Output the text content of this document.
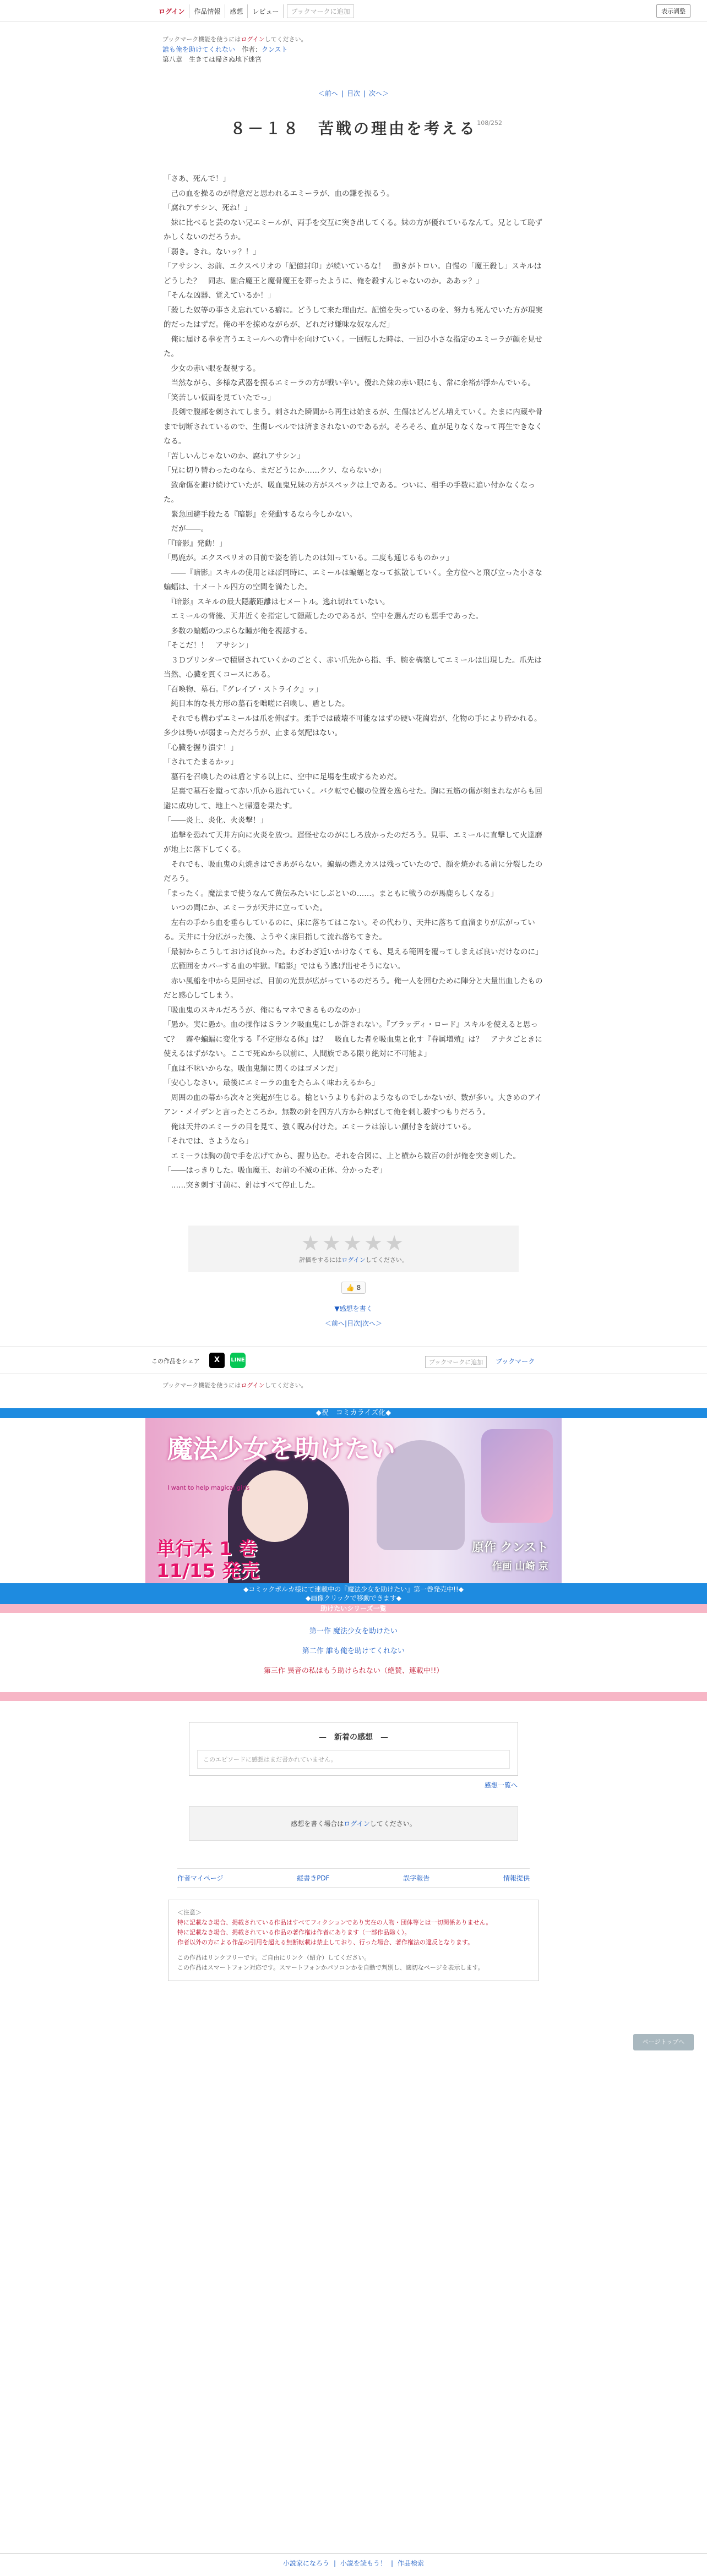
ログイン	作品情報	感想	レビュー	ブックマークに追加	表示調整
ブックマーク機能を使うにはログインしてください。
誰も俺を助けてくれない　 作者：クンスト
第八章　生きては帰さぬ地下迷宮
＜前へ | 目次 | 次へ＞
108/252
８－１８　苦戦の理由を考える

「さあ、死んで！」

　己の血を操るのが得意だと思われるエミーラが、血の鎌を振るう。

「腐れアサシン、死ね！」

　妹に比べると芸のない兄エミールが、両手を交互に突き出してくる。妹の方が優れているなんて。兄として恥ずかしくないのだろうか。

「弱き。きれ。ないッ？！」

「アサシン、お前、エクスペリオの「記億封印」が続いているな！　動きがトロい。自慢の「魔王殺し」スキルはどうした？　同志、融合魔王と魔骨魔王を葬ったように、俺を殺すんじゃないのか。ああッ？」

「そんな凶器、覚えているか！」

「殺した奴等の事さえ忘れている癖に。どうして来た理由だ。記憶を失っているのを、努力も死んでいた方が現実的だったはずだ。俺の平を掠めながらが、どれだけ嫌味な奴なんだ」

　俺に届ける拳を言うエミールへの背中を向けていく。一回転した時は、一回ひ小さな指定のエミーラが顔を見せた。

　少女の赤い眼を凝視する。

　当然ながら、多様な武器を振るエミーラの方が戦い辛い。優れた妹の赤い眼にも、常に余裕が浮かんでいる。

「笑苦しい仮面を見ていたでっ」

　長剣で腹部を刺されてしまう。刺された瞬間から再生は始まるが、生傷はどんどん増えていく。たまに内蔵や骨まで切断されているので、生傷レベルでは済まされないのであるが。そろそろ、血が足りなくなって再生できなくなる。

「苦しいんじゃないのか、腐れアサシン」

「兄に切り替わったのなら、まだどうにか……クソ、ならないか」

　致命傷を避け続けていたが、吸血鬼兄妹の方がスペックは上である。ついに、相手の手数に追い付かなくなった。

　緊急回避手段たる『暗影』を発動するなら今しかない。

　だが――。

「『暗影』発動！」

「馬鹿が。エクスペリオの目前で姿を消したのは知っている。二度も通じるものかッ」

　――『暗影』スキルの使用とほぼ同時に、エミールは蝙蝠となって拡散していく。全方位へと飛び立った小さな蝙蝠は、十メートル四方の空間を満たした。

　『暗影』スキルの最大隠蔽距離は七メートル。逃れ切れていない。

　エミールの背後、天井近くを指定して隠蔽したのであるが、空中を選んだのも悪手であった。

　多数の蝙蝠のつぶらな瞳が俺を視認する。

「そこだ！！　アサシン」

　３Ｄプリンターで積層されていくかのごとく、赤い爪先から指、手、腕を構築してエミールは出現した。爪先は当然、心臓を貫くコースにある。

「召喚物、墓石。『グレイブ・ストライク』ッ」

　純日本的な長方形の墓石を咄嗟に召喚し、盾とした。

　それでも構わずエミールは爪を伸ばす。柔手では破壊不可能なはずの硬い花崗岩が、化物の手により砕かれる。多少は勢いが弱まっただろうが、止まる気配はない。

「心臓を握り潰す！」

「されてたまるかッ」

　墓石を召喚したのは盾とする以上に、空中に足場を生成するためだ。

　足裏で墓石を蹴って赤い爪から逃れていく。バク転で心臓の位置を逸らせた。胸に五筋の傷が刻まれながらも回避に成功して、地上へと帰還を果たす。

「――炎上、炎化、火炎撃！」

　追撃を恐れて天井方向に火炎を放つ。遅怪せなのがにしろ放かったのだろう。見事、エミールに直撃して火達磨が地上に落下してくる。

　それでも、吸血鬼の丸焼きはできあがらない。蝙蝠の燃えカスは残っていたので、顔を焼かれる前に分裂したのだろう。

「まったく。魔法まで使うなんて黄伝みたいにしぶといの……。まともに戦うのが馬鹿らしくなる」

　いつの間にか、エミーラが天井に立っていた。

　左右の手から血を垂らしているのに、床に落ちてはこない。その代わり、天井に落ちて血溜まりが広がっている。天井に十分広がった後、ようやく床目指して流れ落ちてきた。

「最初からこうしておけば良かった。わざわざ近いかけなくても、見える範囲を覆ってしまえば良いだけなのに」

　広範囲をカバーする血の牢獄。『暗影』ではもう逃げ出せそうにない。

　赤い風船を中から見回せば、目前の光景が広がっているのだろう。俺一人を囲むために陣分と大量出血したものだと感心してしまう。

「吸血鬼のスキルだろうが、俺にもマネできるものなのか」

「愚か。実に愚か。血の操作はＳランク吸血鬼にしか許されない。『ブラッディ・ロード』スキルを使えると思って？　霧や蝙蝠に変化する『不定形なる体』は？　吸血した者を吸血鬼と化す『眷属増殖』は？　アナタごときに使えるはずがない。ここで死ぬから以前に、人間族である限り絶対に不可能よ」

「血は不味いからな。吸血鬼類に関くのはゴメンだ」

「安心しなさい。最後にエミーラの血をたらふく味わえるから」

　周囲の血の幕から次々と突起が生じる。槍というよりも針のようなものでしかないが、数が多い。大きめのアイアン・メイデンと言ったところか。無数の針を四方八方から伸ばして俺を刺し殺すつもりだろう。

　俺は天井のエミーラの目を見て、強く睨み付けた。エミーラは涼しい顔付きを続けている。

「それでは、さようなら」

　エミーラは胸の前で手を広げてから、握り込む。それを合図に、上と横から数百の針が俺を突き刺した。

「――はっきりした。吸血魔王、お前の不滅の正体、分かったぞ」

　……突き刺す寸前に、針はすべて停止した。

★★★★★
評価をするにはログインしてください。
👍 8
▼感想を書く
＜前へ|目次|次へ＞
この作品をシェア	X	LINE	ブックマークに追加	ブックマーク
ブックマーク機能を使うにはログインしてください。
◆祝　コミカライズ化◆
魔法少女を助けたい
I want to help magical girls
単行本 1 巻
11/15 発売
原作 クンスト
作画 山崎 京
◆コミックポルカ様にて連載中の『魔法少女を助けたい』第一巻発売中!!◆
◆画像クリックで移動できます◆
助けたいシリーズ一覧
第一作 魔法少女を助けたい
第二作 誰も俺を助けてくれない
第三作 異音の私はもう助けられない（絶賛、連載中!!）
—　新着の感想　—
このエピソードに感想はまだ書かれていません。
感想一覧へ
感想を書く場合はログインしてください。
作者マイページ	縦書きPDF	誤字報告	情報提供
＜注意＞
特に記載なき場合、掲載されている作品はすべてフィクションであり実在の人物・団体等とは一切関係ありません。
特に記載なき場合、掲載されている作品の著作権は作者にあります（一部作品除く）。
作者以外の方による作品の引用を超える無断転載は禁止しており、行った場合、著作権法の違反となります。
この作品はリンクフリーです。ご自由にリンク（紹介）してください。
この作品はスマートフォン対応です。スマートフォンかパソコンかを自動で判別し、適切なページを表示します。
ページトップへ
小説家になろう | 小説を読もう！ | 作品検索
